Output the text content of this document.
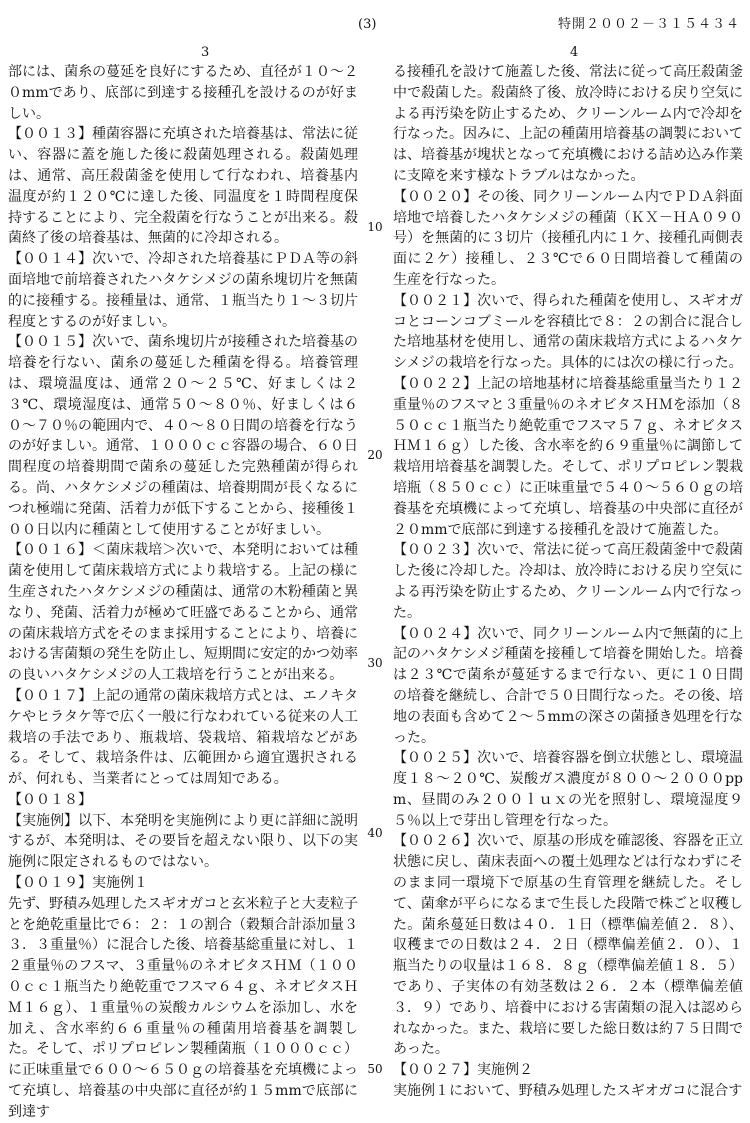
(3)	特開２００２－３１５４３４
3	4
10
20
30
40
50

部には、菌糸の蔓延を良好にするため、直径が１０～２０mmであり、底部に到達する接種孔を設けるのが好ましい。

【００１３】種菌容器に充填された培養基は、常法に従い、容器に蓋を施した後に殺菌処理される。殺菌処理は、通常、高圧殺菌釜を使用して行なわれ、培養基内温度が約１２０℃に達した後、同温度を１時間程度保持することにより、完全殺菌を行なうことが出来る。殺菌終了後の培養基は、無菌的に冷却される。

【００１４】次いで、冷却された培養基にＰＤＡ等の斜面培地で前培養されたハタケシメジの菌糸塊切片を無菌的に接種する。接種量は、通常、１瓶当たり１～３切片程度とするのが好ましい。

【００１５】次いで、菌糸塊切片が接種された培養基の培養を行ない、菌糸の蔓延した種菌を得る。培養管理は、環境温度は、通常２０～２５℃、好ましくは２３℃、環境湿度は、通常５０～８０％、好ましくは６０～７０％の範囲内で、４０～８０日間の培養を行なうのが好ましい。通常、１０００ｃｃ容器の場合、６０日間程度の培養期間で菌糸の蔓延した完熟種菌が得られる。尚、ハタケシメジの種菌は、培養期間が長くなるにつれ極端に発菌、活着力が低下することから、接種後１００日以内に種菌として使用することが好ましい。

【００１６】＜菌床栽培＞次いで、本発明においては種菌を使用して菌床栽培方式により栽培する。上記の様に生産されたハタケシメジの種菌は、通常の木粉種菌と異なり、発菌、活着力が極めて旺盛であることから、通常の菌床栽培方式をそのまま採用することにより、培養における害菌類の発生を防止し、短期間に安定的かつ効率の良いハタケシメジの人工栽培を行うことが出来る。

【００１７】上記の通常の菌床栽培方式とは、エノキタケやヒラタケ等で広く一般に行なわれている従来の人工栽培の手法であり、瓶栽培、袋栽培、箱栽培などがある。そして、栽培条件は、広範囲から適宜選択されるが、何れも、当業者にとっては周知である。

【００１８】

【実施例】以下、本発明を実施例により更に詳細に説明するが、本発明は、その要旨を超えない限り、以下の実施例に限定されるものではない。

【００１９】実施例１

先ず、野積み処理したスギオガコと玄米粒子と大麦粒子とを絶乾重量比で６：２：１の割合（穀類合計添加量３３．３重量％）に混合した後、培養基総重量に対し、１２重量％のフスマ、３重量％のネオビタスＨＭ（１０００ｃｃ１瓶当たり絶乾重でフスマ６４ｇ、ネオビタスＨＭ１６ｇ）、１重量％の炭酸カルシウムを添加し、水を加え、含水率約６６重量％の種菌用培養基を調製した。そして、ポリプロピレン製種菌瓶（１０００ｃｃ）に正味重量で６００～６５０ｇの培養基を充填機によって充填し、培養基の中央部に直径が約１５mmで底部に到達す

る接種孔を設けて施蓋した後、常法に従って高圧殺菌釜中で殺菌した。殺菌終了後、放冷時における戻り空気による再汚染を防止するため、クリーンルーム内で冷却を行なった。因みに、上記の種菌用培養基の調製においては、培養基が塊状となって充填機における詰め込み作業に支障を来す様なトラブルはなかった。

【００２０】その後、同クリーンルーム内でＰＤＡ斜面培地で培養したハタケシメジの種菌（ＫＸ－ＨＡ０９０号）を無菌的に３切片（接種孔内に１ケ、接種孔両側表面に２ケ）接種し、２３℃で６０日間培養して種菌の生産を行なった。

【００２１】次いで、得られた種菌を使用し、スギオガコとコーンコブミールを容積比で８：２の割合に混合した培地基材を使用し、通常の菌床栽培方式によるハタケシメジの栽培を行なった。具体的には次の様に行った。

【００２２】上記の培地基材に培養基総重量当たり１２重量％のフスマと３重量％のネオビタスＨＭを添加（８５０ｃｃ１瓶当たり絶乾重でフスマ５７ｇ、ネオビタスＨＭ１６ｇ）した後、含水率を約６９重量％に調節して栽培用培養基を調製した。そして、ポリプロピレン製栽培瓶（８５０ｃｃ）に正味重量で５４０～５６０ｇの培養基を充填機によって充填し、培養基の中央部に直径が２０mmで底部に到達する接種孔を設けて施蓋した。

【００２３】次いで、常法に従って高圧殺菌釜中で殺菌した後に冷却した。冷却は、放冷時における戻り空気による再汚染を防止するため、クリーンルーム内で行なった。

【００２４】次いで、同クリーンルーム内で無菌的に上記のハタケシメジ種菌を接種して培養を開始した。培養は２３℃で菌糸が蔓延するまで行ない、更に１０日間の培養を継続し、合計で５０日間行なった。その後、培地の表面も含めて２～５mmの深さの菌掻き処理を行なった。

【００２５】次いで、培養容器を倒立状態とし、環境温度１８～２０℃、炭酸ガス濃度が８００～２０００ppm、昼間のみ２００ｌｕｘの光を照射し、環境湿度９５％以上で芽出し管理を行なった。

【００２６】次いで、原基の形成を確認後、容器を正立状態に戻し、菌床表面への覆土処理などは行なわずにそのまま同一環境下で原基の生育管理を継続した。そして、菌傘が平らになるまで生長した段階で株ごと収穫した。菌糸蔓延日数は４０．１日（標準偏差値２．８）、収穫までの日数は２４．２日（標準偏差値２．０）、１瓶当たりの収量は１６８．８ｇ（標準偏差値１８．５）であり、子実体の有効茎数は２６．２本（標準偏差値３．９）であり、培養中における害菌類の混入は認められなかった。また、栽培に要した総日数は約７５日間であった。

【００２７】実施例２

実施例１において、野積み処理したスギオガコに混合す
